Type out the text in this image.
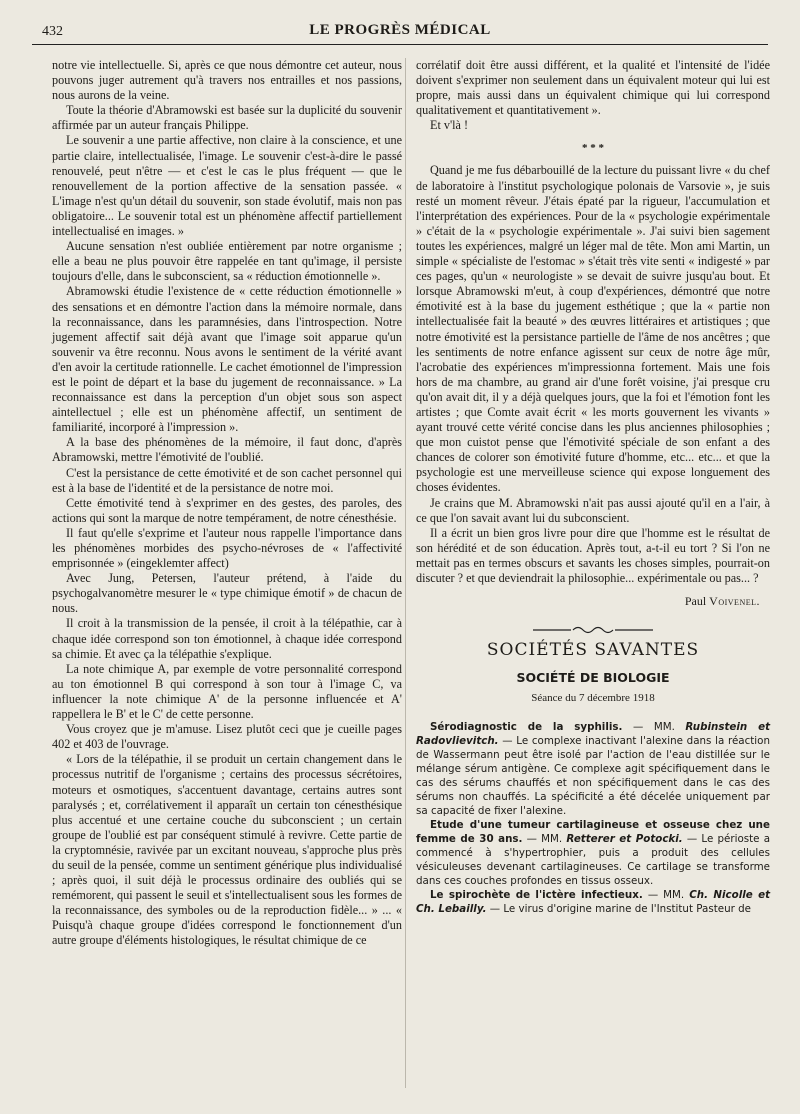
432	LE PROGRÈS MÉDICAL

notre vie intellectuelle. Si, après ce que nous démontre cet auteur, nous pouvons juger autrement qu'à travers nos entrailles et nos passions, nous aurons de la veine.

Toute la théorie d'Abramowski est basée sur la duplicité du souvenir affirmée par un auteur français Philippe.

Le souvenir a une partie affective, non claire à la conscience, et une partie claire, intellectualisée, l'image. Le souvenir c'est-à-dire le passé renouvelé, peut n'être — et c'est le cas le plus fréquent — que le renouvellement de la portion affective de la sensation passée. « L'image n'est qu'un détail du souvenir, son stade évolutif, mais non pas obligatoire... Le souvenir total est un phénomène affectif partiellement intellectualisé en images. »

Aucune sensation n'est oubliée entièrement par notre organisme ; elle a beau ne plus pouvoir être rappelée en tant qu'image, il persiste toujours d'elle, dans le subconscient, sa « réduction émotionnelle ».

Abramowski étudie l'existence de « cette réduction émotionnelle » des sensations et en démontre l'action dans la mémoire normale, dans la reconnaissance, dans les paramnésies, dans l'introspection. Notre jugement affectif sait déjà avant que l'image soit apparue qu'un souvenir va être reconnu. Nous avons le sentiment de la vérité avant d'en avoir la certitude rationnelle. Le cachet émotionnel de l'impression est le point de départ et la base du jugement de reconnaissance. » La reconnaissance est dans la perception d'un objet sous son aspect aintellectuel ; elle est un phénomène affectif, un sentiment de familiarité, incorporé à l'impression ».

A la base des phénomènes de la mémoire, il faut donc, d'après Abramowski, mettre l'émotivité de l'oublié.

C'est la persistance de cette émotivité et de son cachet personnel qui est à la base de l'identité et de la persistance de notre moi.

Cette émotivité tend à s'exprimer en des gestes, des paroles, des actions qui sont la marque de notre tempérament, de notre cénesthésie.

Il faut qu'elle s'exprime et l'auteur nous rappelle l'importance dans les phénomènes morbides des psycho-névroses de « l'affectivité emprisonnée » (eingeklemter affect)

Avec Jung, Petersen, l'auteur prétend, à l'aide du psychogalvanomètre mesurer le « type chimique émotif » de chacun de nous.

Il croit à la transmission de la pensée, il croit à la télépathie, car à chaque idée correspond son ton émotionnel, à chaque idée correspond sa chimie. Et avec ça la télépathie s'explique.

La note chimique A, par exemple de votre personnalité correspond au ton émotionnel B qui correspond à son tour à l'image C, va influencer la note chimique A' de la personne influencée et A' rappellera le B' et le C' de cette personne.

Vous croyez que je m'amuse. Lisez plutôt ceci que je cueille pages 402 et 403 de l'ouvrage.

« Lors de la télépathie, il se produit un certain changement dans le processus nutritif de l'organisme ; certains des processus sécrétoires, moteurs et osmotiques, s'accentuent davantage, certains autres sont paralysés ; et, corrélativement il apparaît un certain ton cénesthésique plus accentué et une certaine couche du subconscient ; un certain groupe de l'oublié est par conséquent stimulé à revivre. Cette partie de la cryptomnésie, ravivée par un excitant nouveau, s'approche plus près du seuil de la pensée, comme un sentiment générique plus individualisé ; après quoi, il suit déjà le processus ordinaire des oubliés qui se remémorent, qui passent le seuil et s'intellectualisent sous les formes de la reconnaissance, des symboles ou de la reproduction fidèle... » ... « Puisqu'à chaque groupe d'idées correspond le fonctionnement d'un autre groupe d'éléments histologiques, le résultat chimique de ce

corrélatif doit être aussi différent, et la qualité et l'intensité de l'idée doivent s'exprimer non seulement dans un équivalent moteur qui lui est propre, mais aussi dans un équivalent chimique qui lui correspond qualitativement et quantitativement ».

Et v'là !

* * *

Quand je me fus débarbouillé de la lecture du puissant livre « du chef de laboratoire à l'institut psychologique polonais de Varsovie », je suis resté un moment rêveur. J'étais épaté par la rigueur, l'accumulation et l'interprétation des expériences. Pour de la « psychologie expérimentale » c'était de la « psychologie expérimentale ». J'ai suivi bien sagement toutes les expériences, malgré un léger mal de tête. Mon ami Martin, un simple « spécialiste de l'estomac » s'était très vite senti « indigesté » par ces pages, qu'un « neurologiste » se devait de suivre jusqu'au bout. Et lorsque Abramowski m'eut, à coup d'expériences, démontré que notre émotivité est à la base du jugement esthétique ; que la « partie non intellectualisée fait la beauté » des œuvres littéraires et artistiques ; que notre émotivité est la persistance partielle de l'âme de nos ancêtres ; que les sentiments de notre enfance agissent sur ceux de notre âge mûr, l'acrobatie des expériences m'impressionna fortement. Mais une fois hors de ma chambre, au grand air d'une forêt voisine, j'ai presque cru qu'on avait dit, il y a déjà quelques jours, que la foi et l'émotion font les artistes ; que Comte avait écrit « les morts gouvernent les vivants » ayant trouvé cette vérité concise dans les plus anciennes philosophies ; que mon cuistot pense que l'émotivité spéciale de son enfant a des chances de colorer son émotivité future d'homme, etc... etc... et que la psychologie est une merveilleuse science qui expose longuement des choses évidentes.

Je crains que M. Abramowski n'ait pas aussi ajouté qu'il en a l'air, à ce que l'on savait avant lui du subconscient.

Il a écrit un bien gros livre pour dire que l'homme est le résultat de son hérédité et de son éducation. Après tout, a-t-il eu tort ? Si l'on ne mettait pas en termes obscurs et savants les choses simples, pourrait-on discuter ? et que deviendrait la philosophie... expérimentale ou pas... ?

Paul Voivenel.
SOCIÉTÉS SAVANTES
SOCIÉTÉ DE BIOLOGIE
Séance du 7 décembre 1918

Sérodiagnostic de la syphilis. — MM. Rubinstein et Radovlievitch. — Le complexe inactivant l'alexine dans la réaction de Wassermann peut être isolé par l'action de l'eau distillée sur le mélange sérum antigène. Ce complexe agit spécifiquement dans le cas des sérums chauffés et non spécifiquement dans le cas des sérums non chauffés. La spécificité a été décelée uniquement par sa capacité de fixer l'alexine.

Etude d'une tumeur cartilagineuse et osseuse chez une femme de 30 ans. — MM. Retterer et Potocki. — Le périoste a commencé à s'hypertrophier, puis a produit des cellules vésiculeuses devenant cartilagineuses. Ce cartilage se transforme dans ces couches profondes en tissus osseux.

Le spirochète de l'ictère infectieux. — MM. Ch. Nicolle et Ch. Lebailly. — Le virus d'origine marine de l'Institut Pasteur de
